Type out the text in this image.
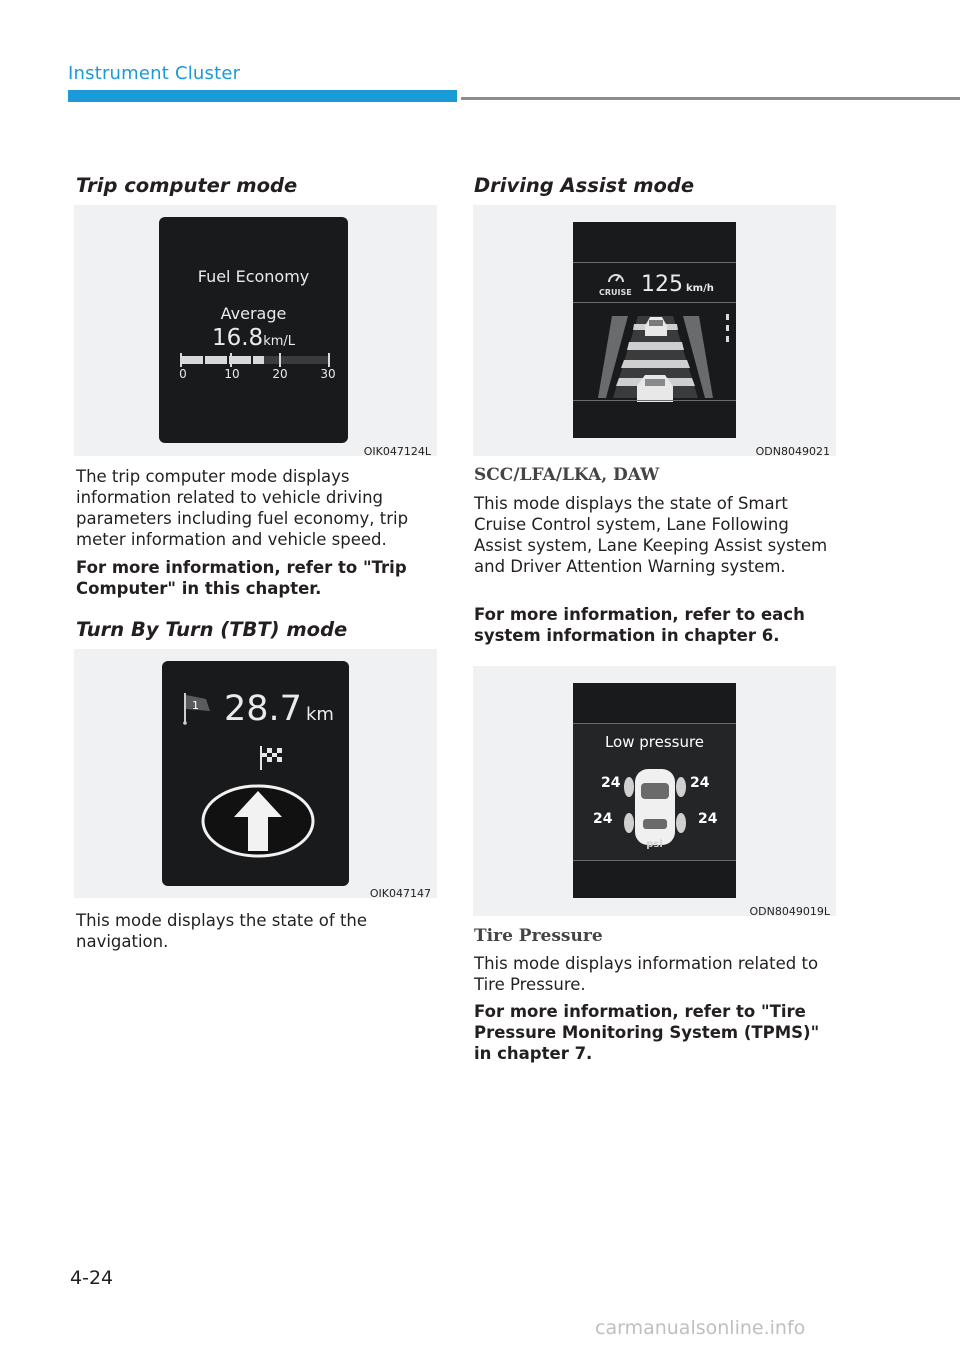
Instrument Cluster
Trip computer mode
Fuel Economy
Average
16.8km/L
0	10	20	30
OIK047124L

The trip computer mode displays information related to vehicle driving parameters including fuel economy, trip meter information and vehicle speed.

For more information, refer to "Trip Computer" in this chapter.

Turn By Turn (TBT) mode
1 28.7 km
OIK047147

This mode displays the state of the navigation.

Driving Assist mode
CRUISE 125 km/h
ODN8049021
SCC/LFA/LKA, DAW

This mode displays the state of Smart Cruise Control system, Lane Following Assist system, Lane Keeping Assist system and Driver Attention Warning system.

For more information, refer to each system information in chapter 6.

Low pressure
24	24
24	24
psi
ODN8049019L
Tire Pressure

This mode displays information related to Tire Pressure.

For more information, refer to "Tire Pressure Monitoring System (TPMS)" in chapter 7.

4-24
carmanualsonline.info
